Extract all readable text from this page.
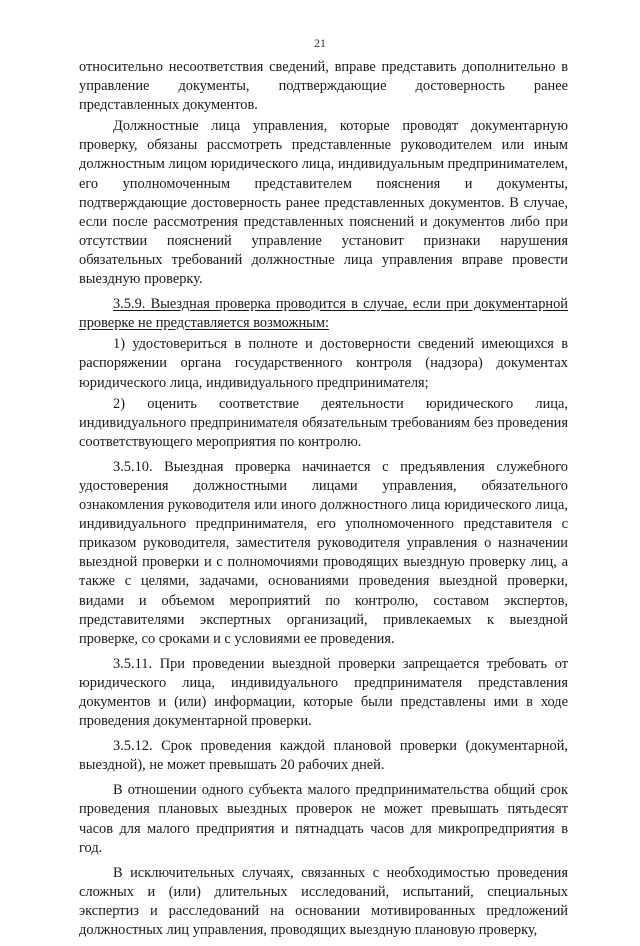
21

относительно несоответствия сведений, вправе представить дополнительно в управление документы, подтверждающие достоверность ранее представленных документов.

Должностные лица управления, которые проводят документарную проверку, обязаны рассмотреть представленные руководителем или иным должностным лицом юридического лица, индивидуальным предпринимателем, его уполномоченным представителем пояснения и документы, подтверждающие достоверность ранее представленных документов. В случае, если после рассмотрения представленных пояснений и документов либо при отсутствии пояснений управление установит признаки нарушения обязательных требований должностные лица управления вправе провести выездную проверку.

3.5.9. Выездная проверка проводится в случае, если при документарной проверке не представляется возможным:

1) удостовериться в полноте и достоверности сведений имеющихся в распоряжении органа государственного контроля (надзора) документах юридического лица, индивидуального предпринимателя;

2) оценить соответствие деятельности юридического лица, индивидуального предпринимателя обязательным требованиям без проведения соответствующего мероприятия по контролю.

3.5.10. Выездная проверка начинается с предъявления служебного удостоверения должностными лицами управления, обязательного ознакомления руководителя или иного должностного лица юридического лица, индивидуального предпринимателя, его уполномоченного представителя с приказом руководителя, заместителя руководителя управления о назначении выездной проверки и с полномочиями проводящих выездную проверку лиц, а также с целями, задачами, основаниями проведения выездной проверки, видами и объемом мероприятий по контролю, составом экспертов, представителями экспертных организаций, привлекаемых к выездной проверке, со сроками и с условиями ее проведения.

3.5.11. При проведении выездной проверки запрещается требовать от юридического лица, индивидуального предпринимателя представления документов и (или) информации, которые были представлены ими в ходе проведения документарной проверки.

3.5.12. Срок проведения каждой плановой проверки (документарной, выездной), не может превышать 20 рабочих дней.

В отношении одного субъекта малого предпринимательства общий срок проведения плановых выездных проверок не может превышать пятьдесят часов для малого предприятия и пятнадцать часов для микропредприятия в год.

В исключительных случаях, связанных с необходимостью проведения сложных и (или) длительных исследований, испытаний, специальных экспертиз и расследований на основании мотивированных предложений должностных лиц управления, проводящих выездную плановую проверку,
